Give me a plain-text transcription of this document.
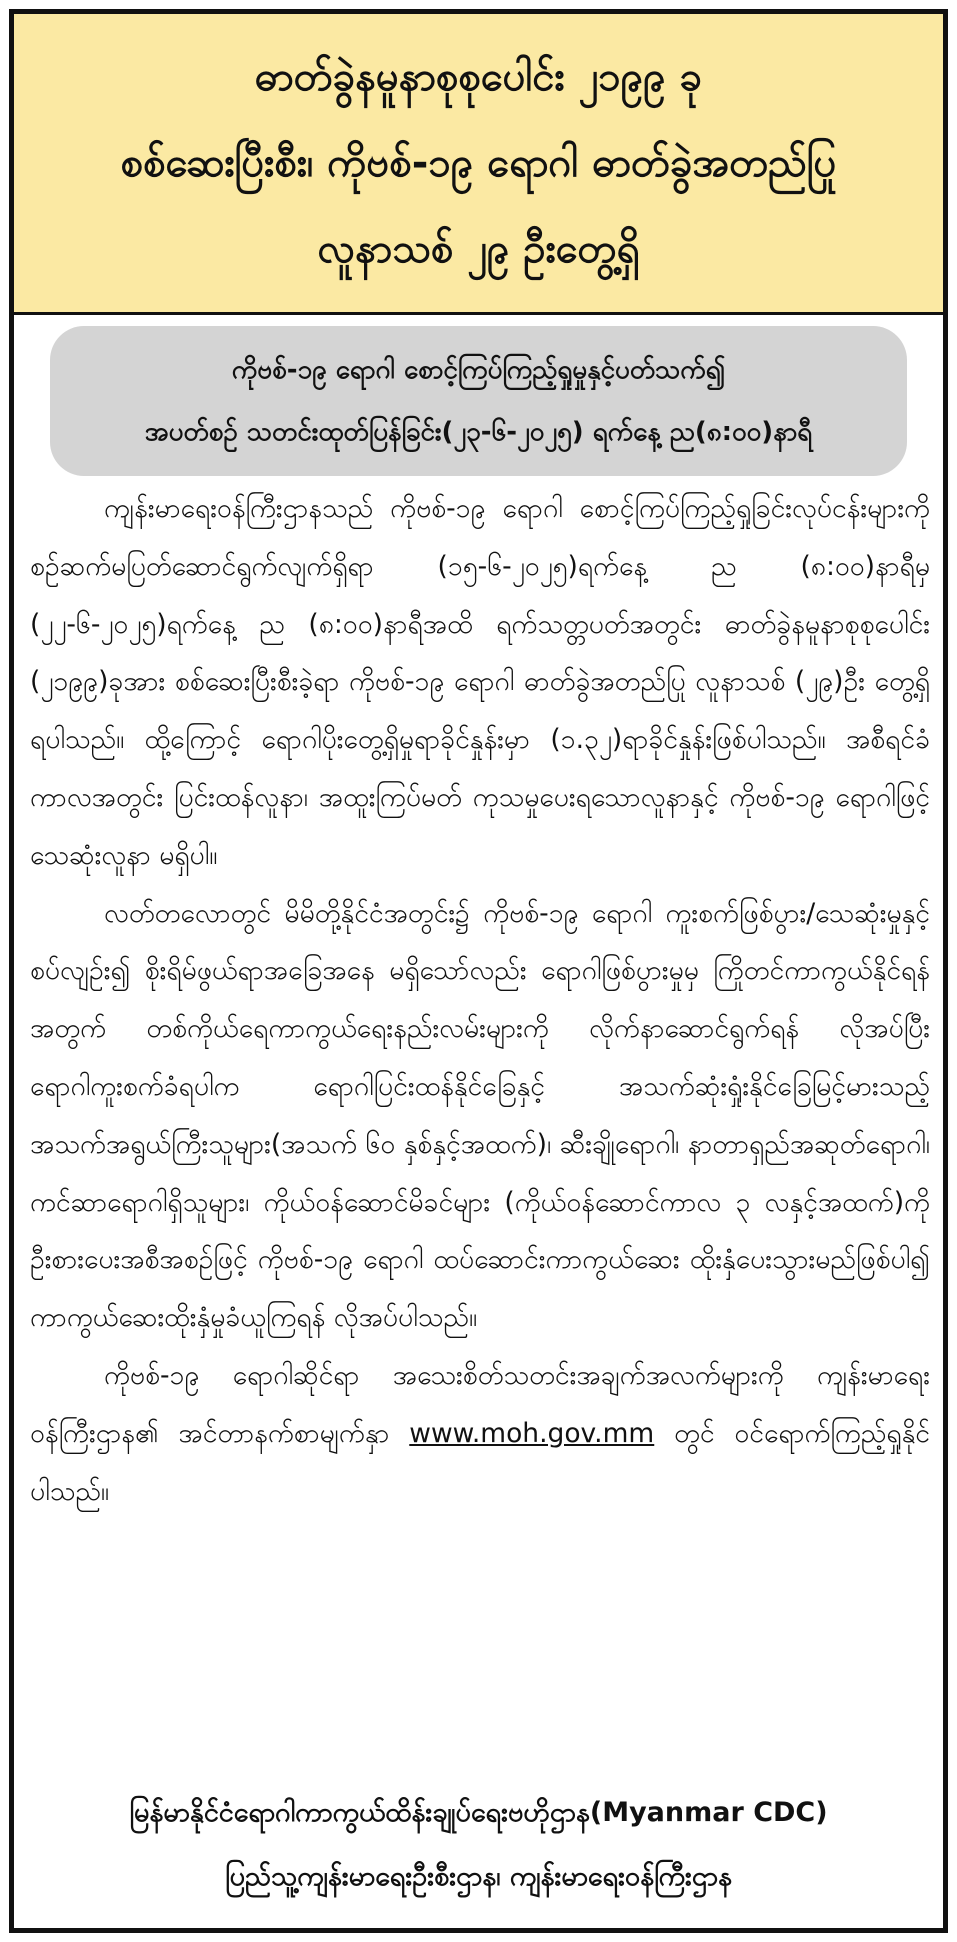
ဓာတ်ခွဲနမူနာစုစုပေါင်း ၂၁၉၉ ခု
စစ်ဆေးပြီးစီး၊ ကိုဗစ်-၁၉ ရောဂါ ဓာတ်ခွဲအတည်ပြု
လူနာသစ် ၂၉ ဦးတွေ့ရှိ
ကိုဗစ်-၁၉ ရောဂါ စောင့်ကြပ်ကြည့်ရှုမှုနှင့်ပတ်သက်၍
အပတ်စဉ် သတင်းထုတ်ပြန်ခြင်း(၂၃-၆-၂၀၂၅) ရက်နေ့ ည(၈:၀၀)နာရီ

ကျန်းမာရေးဝန်ကြီးဌာနသည် ကိုဗစ်-၁၉ ရောဂါ စောင့်ကြပ်ကြည့်ရှုခြင်းလုပ်ငန်းများကို စဉ်ဆက်မပြတ်ဆောင်ရွက်လျက်ရှိရာ (၁၅-၆-၂၀၂၅)ရက်နေ့ ည (၈:၀၀)နာရီမှ (၂၂-၆-၂၀၂၅)ရက်နေ့ ည (၈:၀၀)နာရီအထိ ရက်သတ္တပတ်အတွင်း ဓာတ်ခွဲနမူနာစုစုပေါင်း (၂၁၉၉)ခုအား စစ်ဆေးပြီးစီးခဲ့ရာ ကိုဗစ်-၁၉ ရောဂါ ဓာတ်ခွဲအတည်ပြု လူနာသစ် (၂၉)ဦး တွေ့ရှိရပါသည်။ ထို့ကြောင့် ရောဂါပိုးတွေ့ရှိမှုရာခိုင်နှုန်းမှာ (၁.၃၂)ရာခိုင်နှုန်းဖြစ်ပါသည်။ အစီရင်ခံကာလအတွင်း ပြင်းထန်လူနာ၊ အထူးကြပ်မတ် ကုသမှုပေးရသောလူနာနှင့် ကိုဗစ်-၁၉ ရောဂါဖြင့် သေဆုံးလူနာ မရှိပါ။

လတ်တလောတွင် မိမိတို့နိုင်ငံအတွင်း၌ ကိုဗစ်-၁၉ ရောဂါ ကူးစက်ဖြစ်ပွား/သေဆုံးမှုနှင့် စပ်လျဉ်း၍ စိုးရိမ်ဖွယ်ရာအခြေအနေ မရှိသော်လည်း ရောဂါဖြစ်ပွားမှုမှ ကြိုတင်ကာကွယ်နိုင်ရန်အတွက် တစ်ကိုယ်ရေကာကွယ်ရေးနည်းလမ်းများကို လိုက်နာဆောင်ရွက်ရန် လိုအပ်ပြီး ရောဂါကူးစက်ခံရပါက ရောဂါပြင်းထန်နိုင်ခြေနှင့် အသက်ဆုံးရှုံးနိုင်ခြေမြင့်မားသည့် အသက်အရွယ်ကြီးသူများ(အသက် ၆၀ နှစ်နှင့်အထက်)၊ ဆီးချိုရောဂါ၊ နာတာရှည်အဆုတ်ရောဂါ၊ ကင်ဆာရောဂါရှိသူများ၊ ကိုယ်ဝန်ဆောင်မိခင်များ (ကိုယ်ဝန်ဆောင်ကာလ ၃ လနှင့်အထက်)ကို ဦးစားပေးအစီအစဉ်ဖြင့် ကိုဗစ်-၁၉ ရောဂါ ထပ်ဆောင်းကာကွယ်ဆေး ထိုးနှံပေးသွားမည်ဖြစ်ပါ၍ ကာကွယ်ဆေးထိုးနှံမှုခံယူကြရန် လိုအပ်ပါသည်။

ကိုဗစ်-၁၉ ရောဂါဆိုင်ရာ အသေးစိတ်သတင်းအချက်အလက်များကို ကျန်းမာရေးဝန်ကြီးဌာန၏ အင်တာနက်စာမျက်နှာ www.moh.gov.mm တွင် ဝင်ရောက်ကြည့်ရှုနိုင်ပါသည်။

မြန်မာနိုင်ငံရောဂါကာကွယ်ထိန်းချုပ်ရေးဗဟိုဌာန(Myanmar CDC)
ပြည်သူ့ကျန်းမာရေးဦးစီးဌာန၊ ကျန်းမာရေးဝန်ကြီးဌာန
